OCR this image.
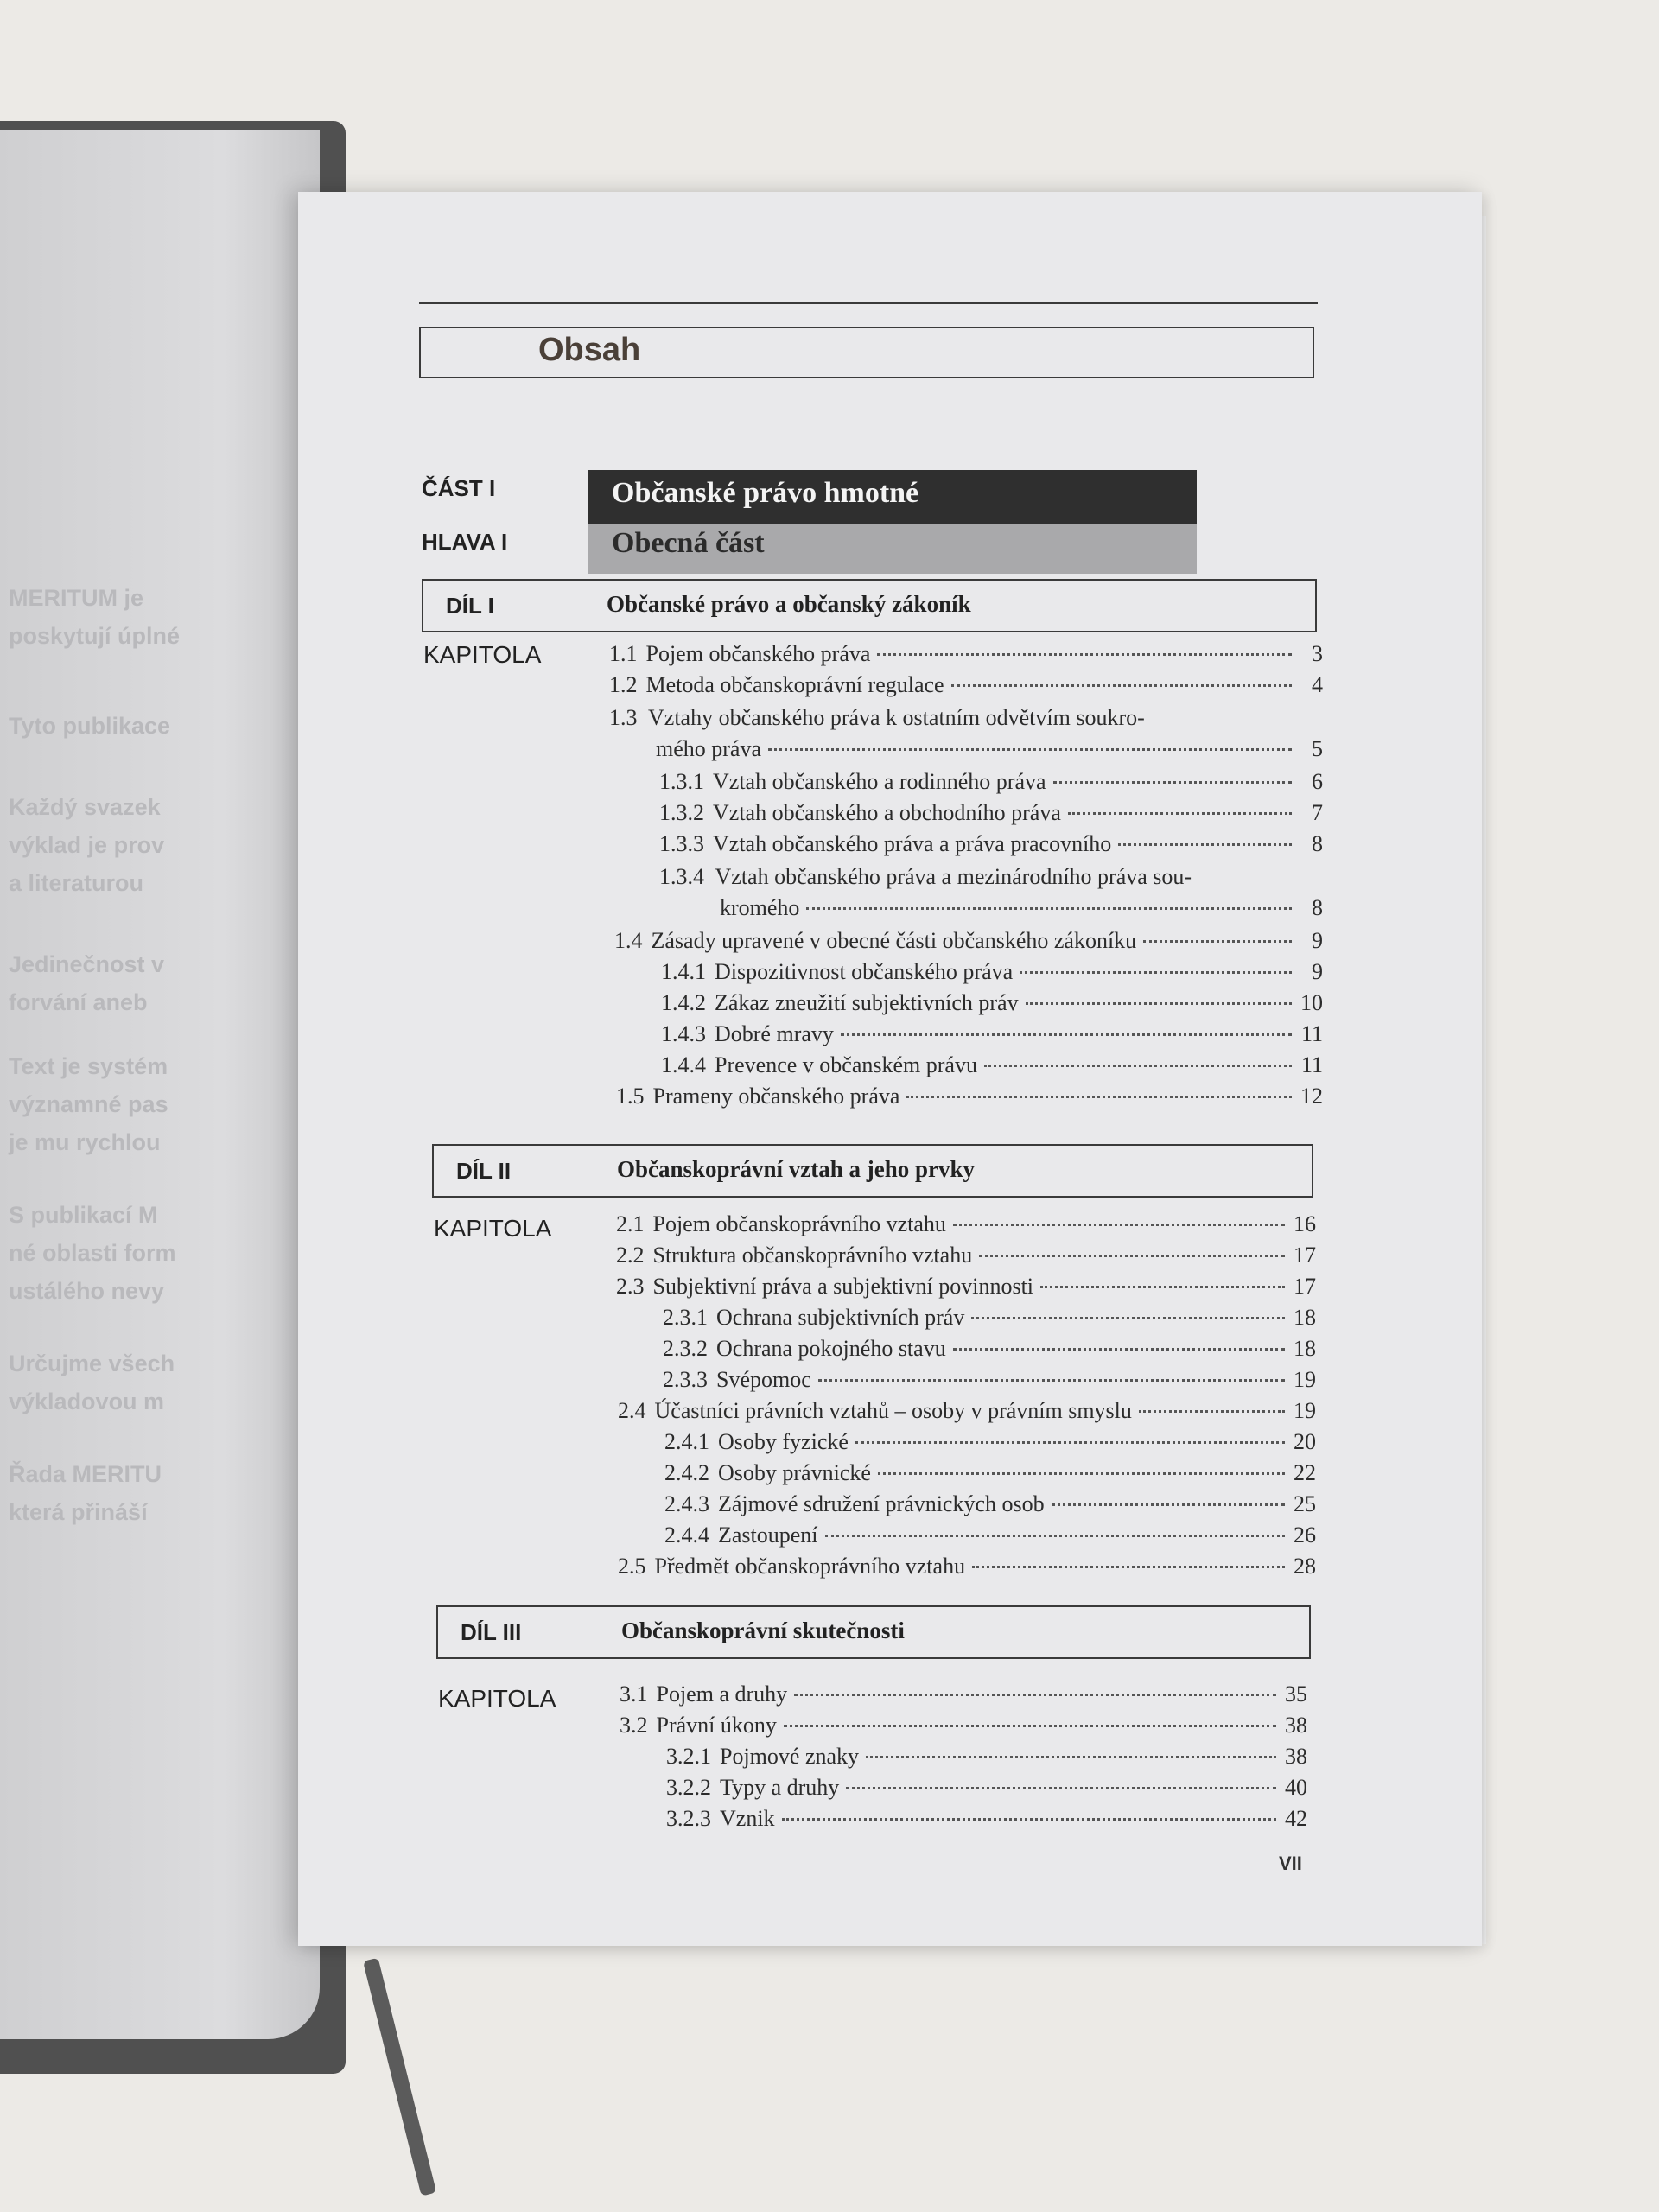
MERITUM je
poskytují úplné
Tyto publikace
Každý svazek
výklad je prov
a literaturou
Jedinečnost v
forvání aneb
Text je systém
významné pas
je mu rychlou
S publikací M
né oblasti form
ustálého nevy
Určujme všech
výkladovou m
Řada MERITU
která přináší
Obsah
ČÁST I	Občanské právo hmotné
HLAVA I	Obecná část
DÍL I	Občanské právo a občanský zákoník
KAPITOLA	1.1 Pojem občanského práva	3
1.2 Metoda občanskoprávní regulace	4
1.3 Vztahy občanského práva k ostatním odvětvím soukro-
mého práva	5
1.3.1 Vztah občanského a rodinného práva	6
1.3.2 Vztah občanského a obchodního práva	7
1.3.3 Vztah občanského práva a práva pracovního	8
1.3.4 Vztah občanského práva a mezinárodního práva sou-
kromého	8
1.4 Zásady upravené v obecné části občanského zákoníku	9
1.4.1 Dispozitivnost občanského práva	9
1.4.2 Zákaz zneužití subjektivních práv	10
1.4.3 Dobré mravy	11
1.4.4 Prevence v občanském právu	11
1.5 Prameny občanského práva	12
DÍL II	Občanskoprávní vztah a jeho prvky
KAPITOLA	2.1 Pojem občanskoprávního vztahu	16
2.2 Struktura občanskoprávního vztahu	17
2.3 Subjektivní práva a subjektivní povinnosti	17
2.3.1 Ochrana subjektivních práv	18
2.3.2 Ochrana pokojného stavu	18
2.3.3 Svépomoc	19
2.4 Účastníci právních vztahů – osoby v právním smyslu	19
2.4.1 Osoby fyzické	20
2.4.2 Osoby právnické	22
2.4.3 Zájmové sdružení právnických osob	25
2.4.4 Zastoupení	26
2.5 Předmět občanskoprávního vztahu	28
DÍL III	Občanskoprávní skutečnosti
KAPITOLA	3.1 Pojem a druhy	35
3.2 Právní úkony	38
3.2.1 Pojmové znaky	38
3.2.2 Typy a druhy	40
3.2.3 Vznik	42
VII
